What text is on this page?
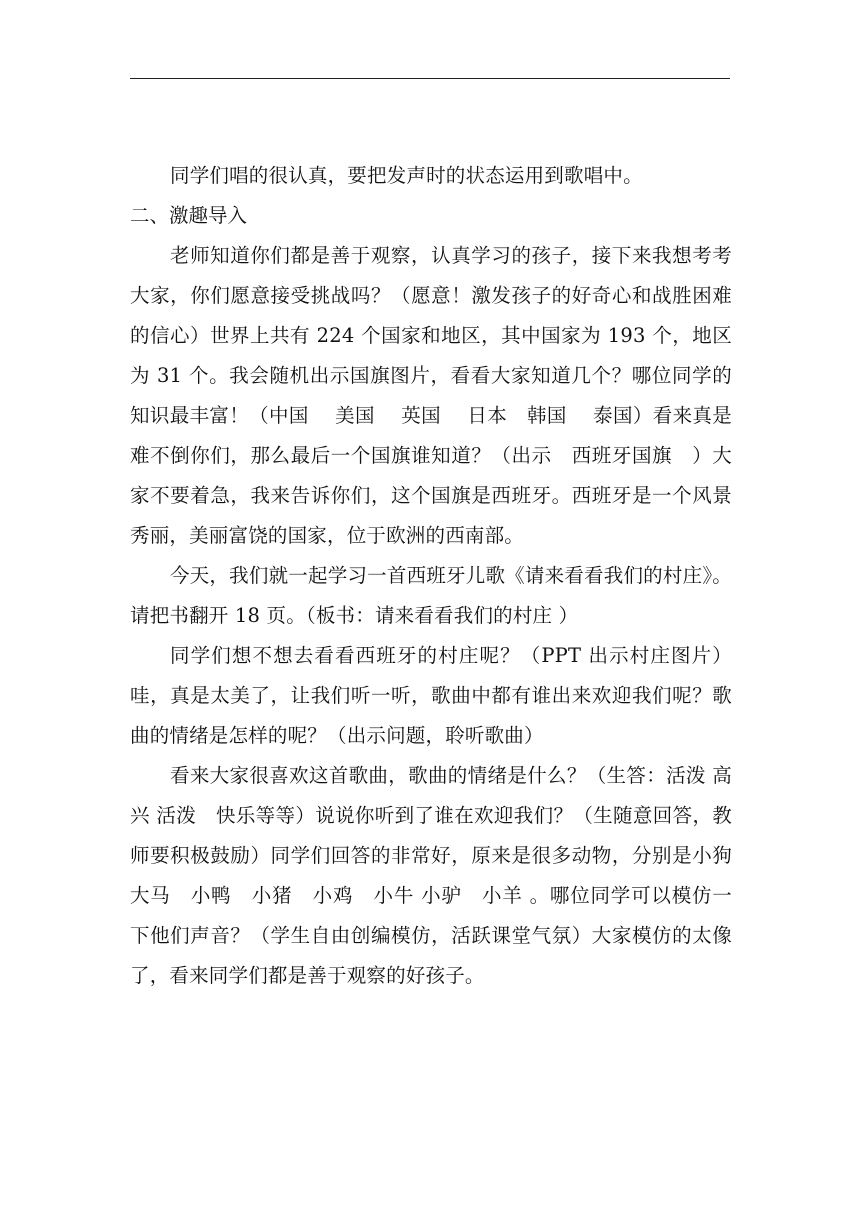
同学们唱的很认真，要把发声时的状态运用到歌唱中。

二、激趣导入

老师知道你们都是善于观察，认真学习的孩子，接下来我想考考大家，你们愿意接受挑战吗？（愿意！激发孩子的好奇心和战胜困难的信心）世界上共有 224 个国家和地区，其中国家为 193 个，地区为 31 个。我会随机出示国旗图片，看看大家知道几个？哪位同学的知识最丰富！（中国　 美国　 英国　 日本　韩国　 泰国）看来真是难不倒你们，那么最后一个国旗谁知道？（出示　西班牙国旗　）大家不要着急，我来告诉你们，这个国旗是西班牙。西班牙是一个风景秀丽，美丽富饶的国家，位于欧洲的西南部。

今天，我们就一起学习一首西班牙儿歌《请来看看我们的村庄》。请把书翻开 18 页。（板书：请来看看我们的村庄 ）

同学们想不想去看看西班牙的村庄呢？（PPT 出示村庄图片）哇，真是太美了，让我们听一听，歌曲中都有谁出来欢迎我们呢？歌曲的情绪是怎样的呢？（出示问题，聆听歌曲）

看来大家很喜欢这首歌曲，歌曲的情绪是什么？（生答：活泼 高兴 活泼　快乐等等）说说你听到了谁在欢迎我们？（生随意回答，教师要积极鼓励）同学们回答的非常好，原来是很多动物，分别是小狗　大马　小鸭　小猪　小鸡　小牛 小驴　小羊 。哪位同学可以模仿一下他们声音？（学生自由创编模仿，活跃课堂气氛）大家模仿的太像了，看来同学们都是善于观察的好孩子。
